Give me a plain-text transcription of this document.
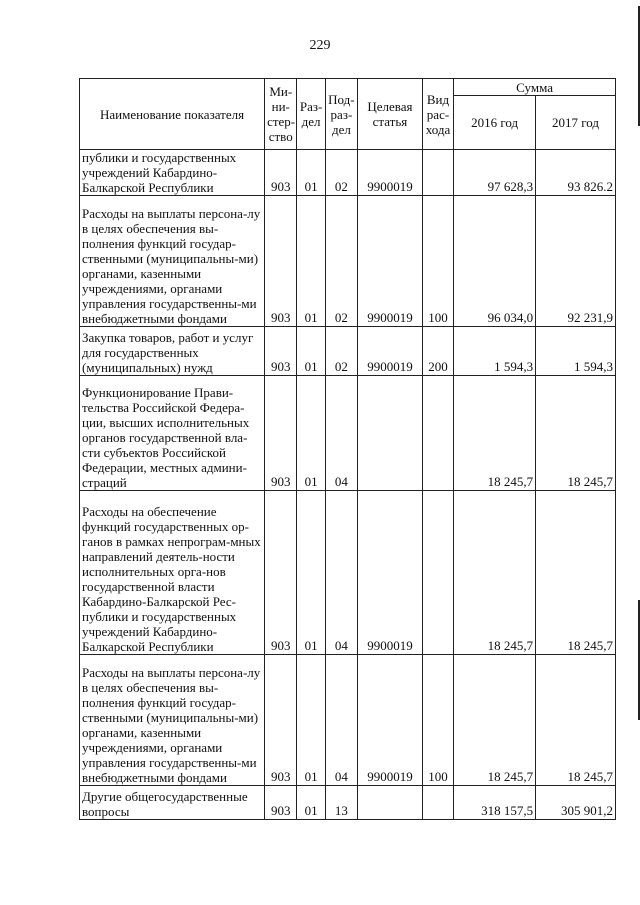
229
Наименование показателя	Ми-ни-стер-ство	Раз-дел	Под-раз-дел	Целевая статья	Вид рас-хода	Сумма	

						2016 год	2017 год
публики и государственных учреждений Кабардино-Балкарской Республики	903	01	02	9900019		97 628,3	93 826.2
Расходы на выплаты персона-лу в целях обеспечения вы-полнения функций государ-ственными (муниципальны-ми) органами, казенными учреждениями, органами управления государственны-ми внебюджетными фондами	903	01	02	9900019	100	96 034,0	92 231,9
Закупка товаров, работ и услуг для государственных (муниципальных) нужд	903	01	02	9900019	200	1 594,3	1 594,3
Функционирование Прави-тельства Российской Федера-ции, высших исполнительных органов государственной вла-сти субъектов Российской Федерации, местных админи-страций	903	01	04			18 245,7	18 245,7
Расходы на обеспечение функций государственных ор-ганов в рамках непрограм-мных направлений деятель-ности исполнительных орга-нов государственной власти Кабардино-Балкарской Рес-публики и государственных учреждений Кабардино-Балкарской Республики	903	01	04	9900019		18 245,7	18 245,7
Расходы на выплаты персона-лу в целях обеспечения вы-полнения функций государ-ственными (муниципальны-ми) органами, казенными учреждениями, органами управления государственны-ми внебюджетными фондами	903	01	04	9900019	100	18 245,7	18 245,7
Другие общегосударственные вопросы	903	01	13			318 157,5	305 901,2
